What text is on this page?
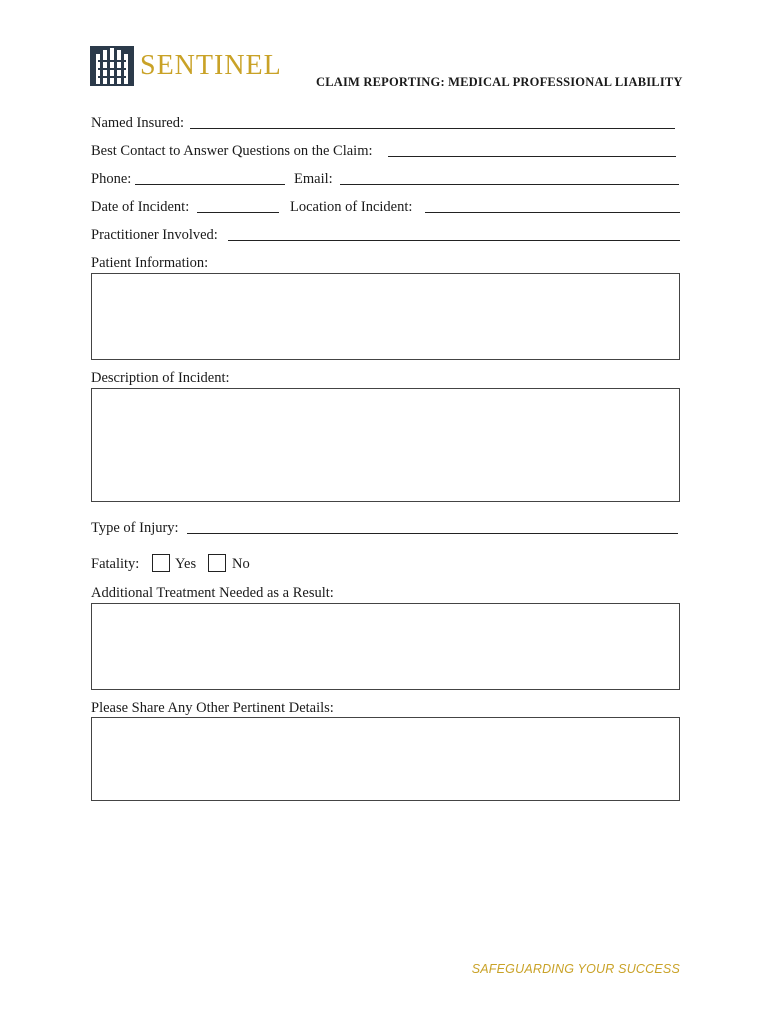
SENTINEL
CLAIM REPORTING: MEDICAL PROFESSIONAL LIABILITY
Named Insured:
Best Contact to Answer Questions on the Claim:
Phone:	Email:
Date of Incident:	Location of Incident:
Practitioner Involved:
Patient Information:
Description of Incident:
Type of Injury:
Fatality: Yes No
Additional Treatment Needed as a Result:
Please Share Any Other Pertinent Details:
SAFEGUARDING YOUR SUCCESS
